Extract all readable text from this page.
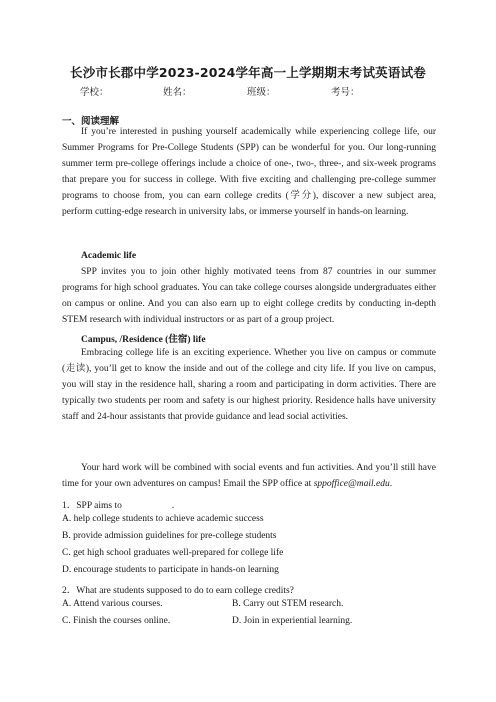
长沙市长郡中学2023-2024学年高一上学期期末考试英语试卷
学校：	姓名：	班级：	考号：
一、阅读理解

If you’re interested in pushing yourself academically while experiencing college life, our Summer Programs for Pre-College Students (SPP) can be wonderful for you. Our long-running summer term pre-college offerings include a choice of one-, two-, three-, and six-week programs that prepare you for success in college. With five exciting and challenging pre-college summer programs to choose from, you can earn college credits (学分), discover a new subject area, perform cutting-edge research in university labs, or immerse yourself in hands-on learning.

Academic life

SPP invites you to join other highly motivated teens from 87 countries in our summer programs for high school graduates. You can take college courses alongside undergraduates either on campus or online. And you can also earn up to eight college credits by conducting in-depth STEM research with individual instructors or as part of a group project.

Campus, /Residence (住宿) life

Embracing college life is an exciting experience. Whether you live on campus or commute (走读), you’ll get to know the inside and out of the college and city life. If you live on campus, you will stay in the residence hall, sharing a room and participating in dorm activities. There are typically two students per room and safety is our highest priority. Residence halls have university staff and 24-hour assistants that provide guidance and lead social activities.

Your hard work will be combined with social events and fun activities. And you’ll still have time for your own adventures on campus! Email the SPP office at sppoffice@mail.edu.

1．SPP aims to	.
A. help college students to achieve academic success
B. provide admission guidelines for pre-college students
C. get high school graduates well-prepared for college life
D. encourage students to participate in hands-on learning
2．What are students supposed to do to earn college credits?
A. Attend various courses.	B. Carry out STEM research.
C. Finish the courses online.	D. Join in experiential learning.
